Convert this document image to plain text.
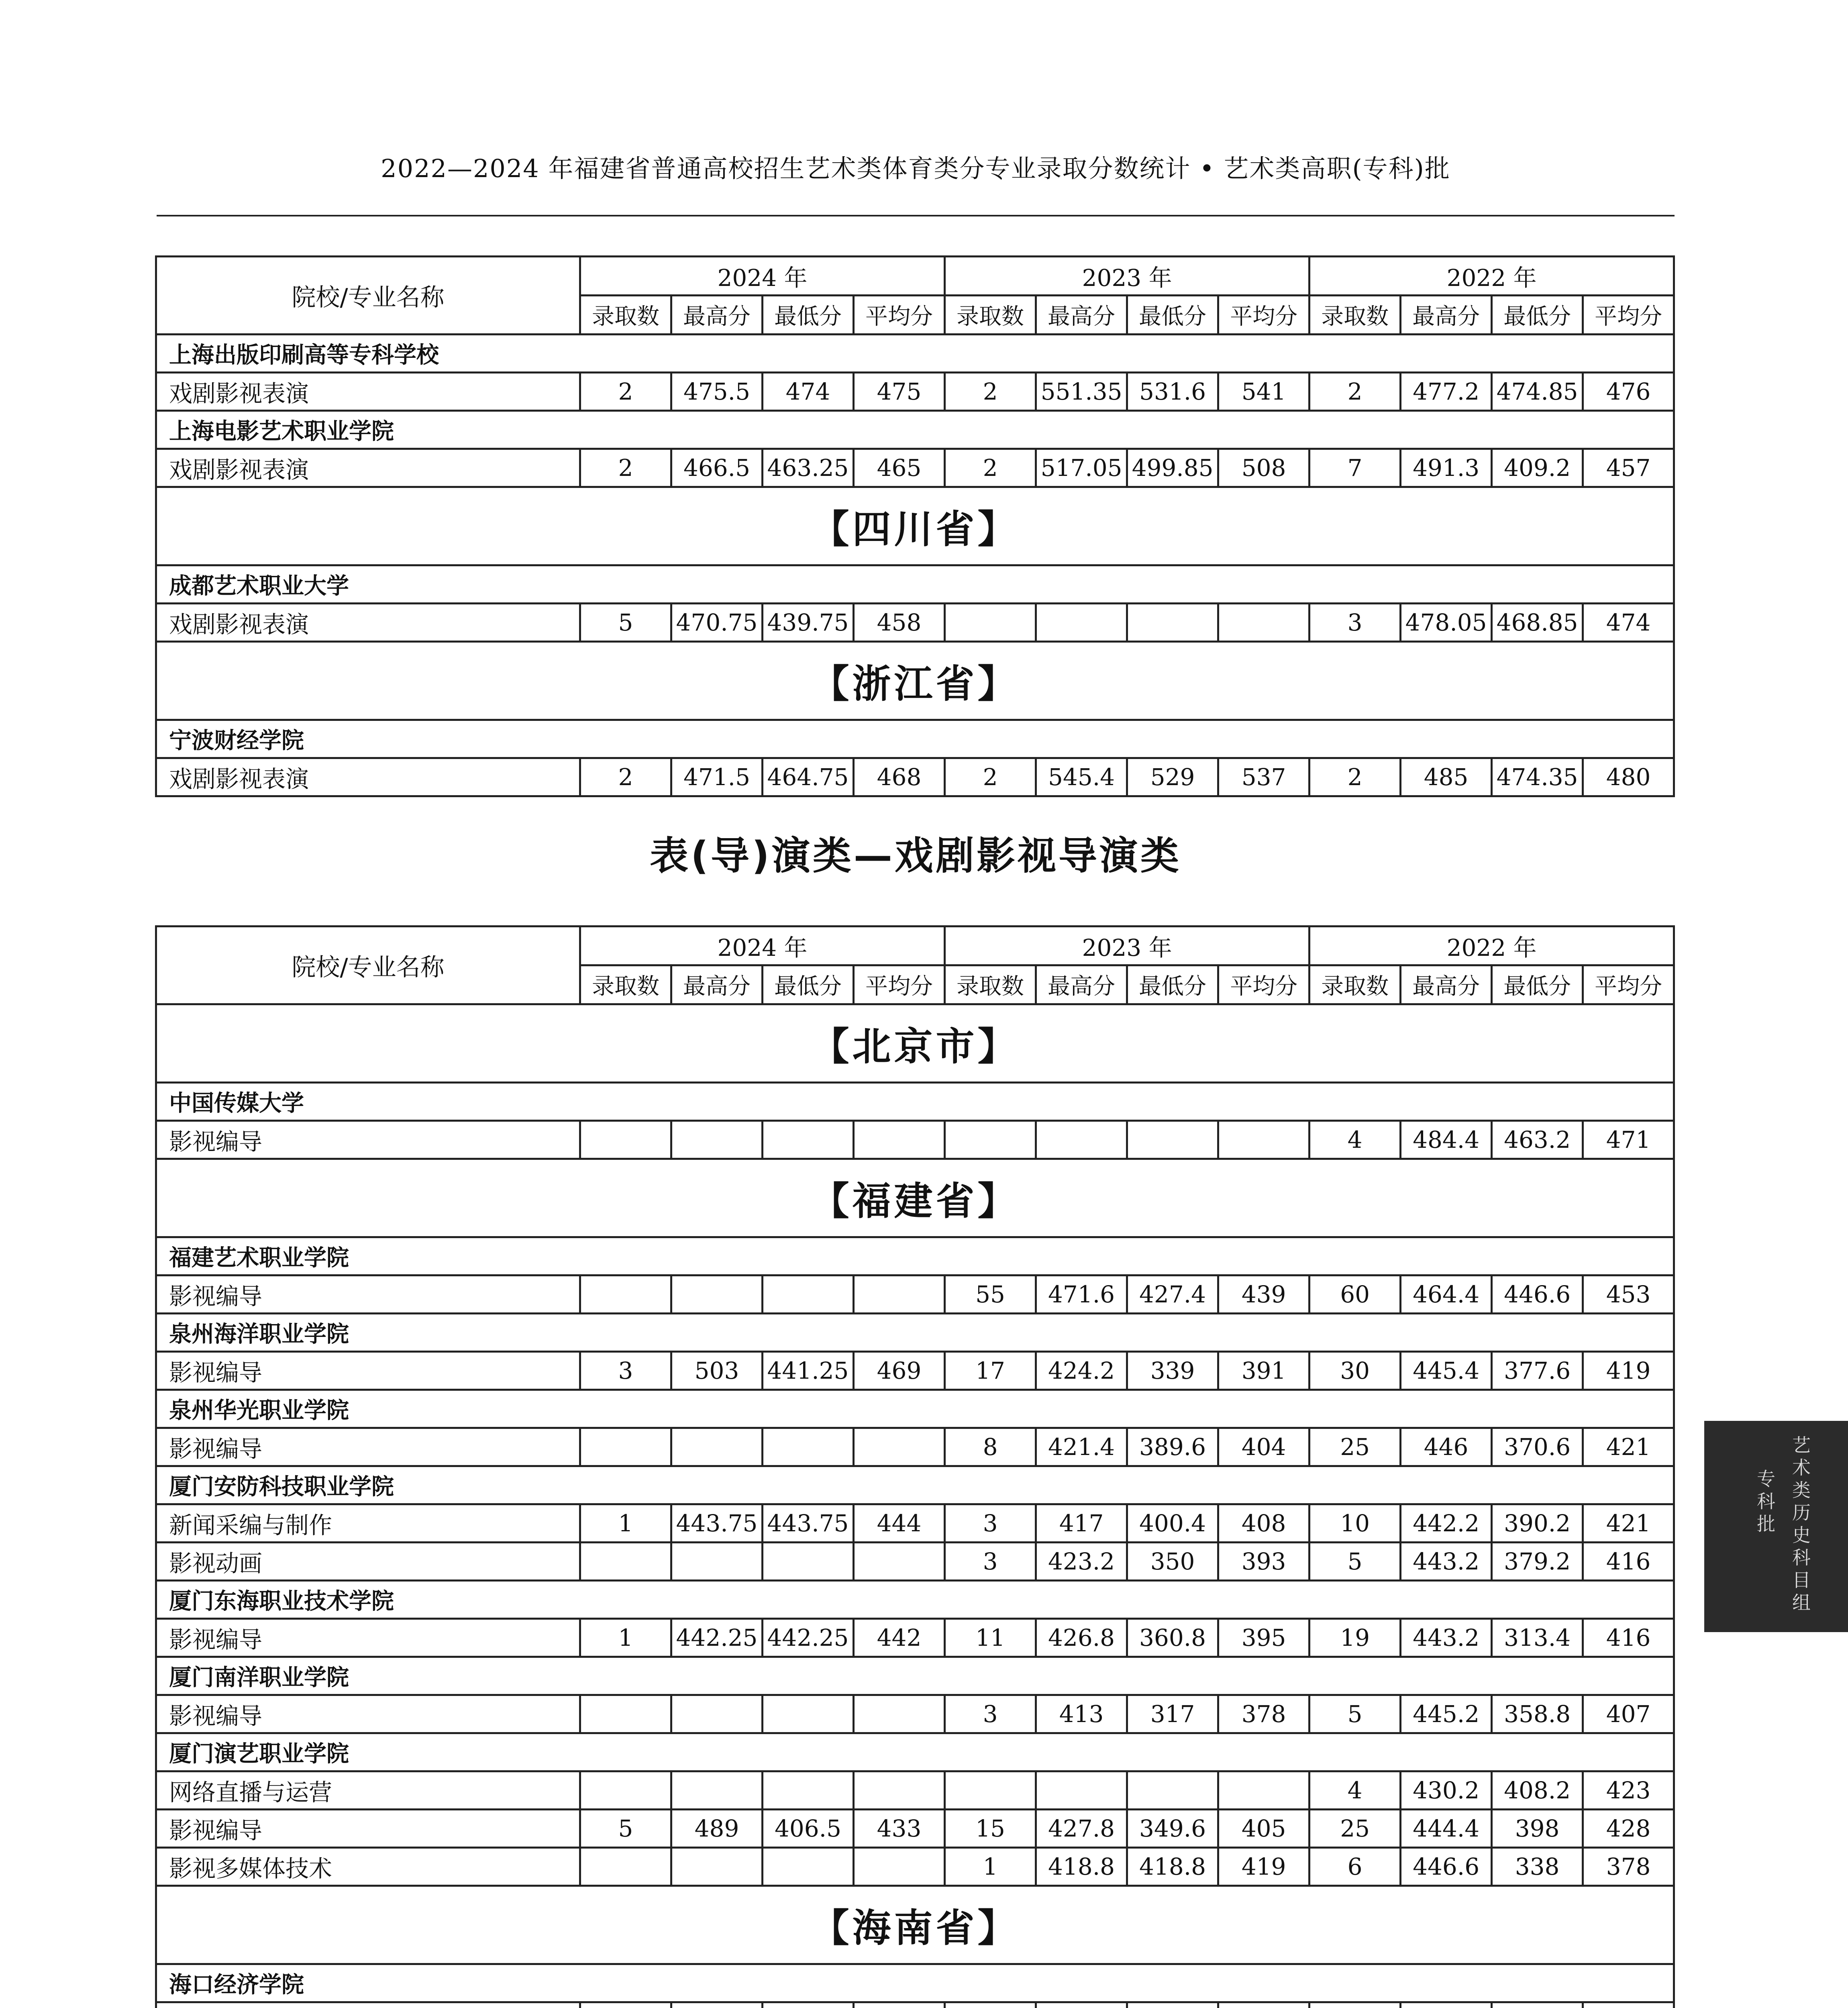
2022—2024 年福建省普通高校招生艺术类体育类分专业录取分数统计 • 艺术类高职(专科)批
院校/专业名称	2024 年				2023 年				2022 年			
	录取数	最高分	最低分	平均分	录取数	最高分	最低分	平均分	录取数	最高分	最低分	平均分
上海出版印刷高等专科学校												
戏剧影视表演	2	475.5	474	475	2	551.35	531.6	541	2	477.2	474.85	476
上海电影艺术职业学院												
戏剧影视表演	2	466.5	463.25	465	2	517.05	499.85	508	7	491.3	409.2	457
【四川省】												
成都艺术职业大学												
戏剧影视表演	5	470.75	439.75	458					3	478.05	468.85	474
【浙江省】												
宁波财经学院												
戏剧影视表演	2	471.5	464.75	468	2	545.4	529	537	2	485	474.35	480
表(导)演类—戏剧影视导演类
院校/专业名称	2024 年				2023 年				2022 年			
	录取数	最高分	最低分	平均分	录取数	最高分	最低分	平均分	录取数	最高分	最低分	平均分
【北京市】												
中国传媒大学												
影视编导									4	484.4	463.2	471
【福建省】												
福建艺术职业学院												
影视编导					55	471.6	427.4	439	60	464.4	446.6	453
泉州海洋职业学院												
影视编导	3	503	441.25	469	17	424.2	339	391	30	445.4	377.6	419
泉州华光职业学院												
影视编导					8	421.4	389.6	404	25	446	370.6	421
厦门安防科技职业学院												
新闻采编与制作	1	443.75	443.75	444	3	417	400.4	408	10	442.2	390.2	421
影视动画					3	423.2	350	393	5	443.2	379.2	416
厦门东海职业技术学院												
影视编导	1	442.25	442.25	442	11	426.8	360.8	395	19	443.2	313.4	416
厦门南洋职业学院												
影视编导					3	413	317	378	5	445.2	358.8	407
厦门演艺职业学院												
网络直播与运营									4	430.2	408.2	423
影视编导	5	489	406.5	433	15	427.8	349.6	405	25	444.4	398	428
影视多媒体技术					1	418.8	418.8	419	6	446.6	338	378
【海南省】												
海口经济学院												

艺术类历史科目组
专科批
